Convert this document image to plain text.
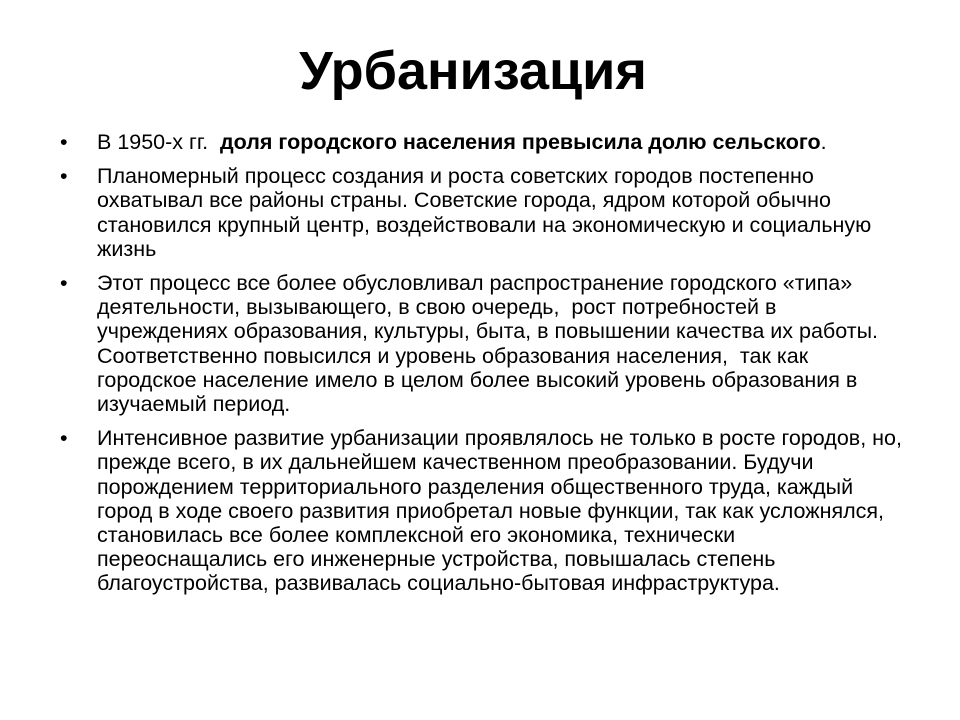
Урбанизация
•	В 1950-х гг.  доля городского населения превысила долю сельского.
•	Планомерный процесс создания и роста советских городов постепенно охватывал все районы страны. Советские города, ядром которой обычно становился крупный центр, воздействовали на экономическую и социальную жизнь
•	Этот процесс все более обусловливал распространение городского «типа» деятельности, вызывающего, в свою очередь,  рост потребностей в учреждениях образования, культуры, быта, в повышении качества их работы. Соответственно повысился и уровень образования населения,  так как городское население имело в целом более высокий уровень образования в изучаемый период.
•	Интенсивное развитие урбанизации проявлялось не только в росте городов, но, прежде всего, в их дальнейшем качественном преобразовании. Будучи порождением территориального разделения общественного труда, каждый город в ходе своего развития приобретал новые функции, так как усложнялся, становилась все более комплексной его экономика, технически переоснащались его инженерные устройства, повышалась степень благоустройства, развивалась социально-бытовая инфраструктура.
